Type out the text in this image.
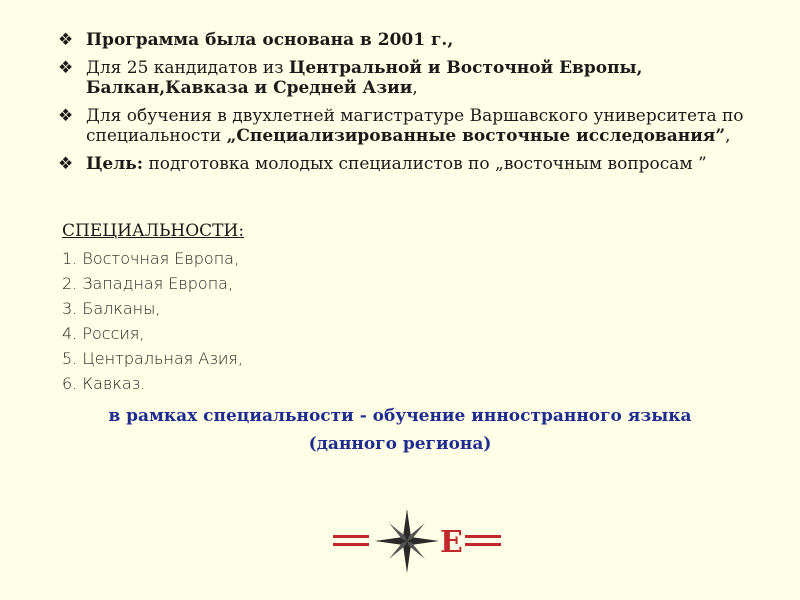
❖ Программа была основана в 2001 г.,
❖ Для 25 кандидатов из Центральной и Восточной Европы, Балкан,Кавказа и Средней Азии,
❖ Для обучения в двухлетней магистратуре Варшавского университета по специальности „Специализированные восточные исследования”,
❖ Цель: подготовка молодых специалистов по „восточным вопросам ”
СПЕЦИАЛЬНОСТИ:
1. Восточная Европа,
2. Западная Европа,
3. Балканы,
4. Россия,
5. Центральная Азия,
6. Кавказ.
в рамках специальности - обучение инностранного языка
(данного региона)
E
